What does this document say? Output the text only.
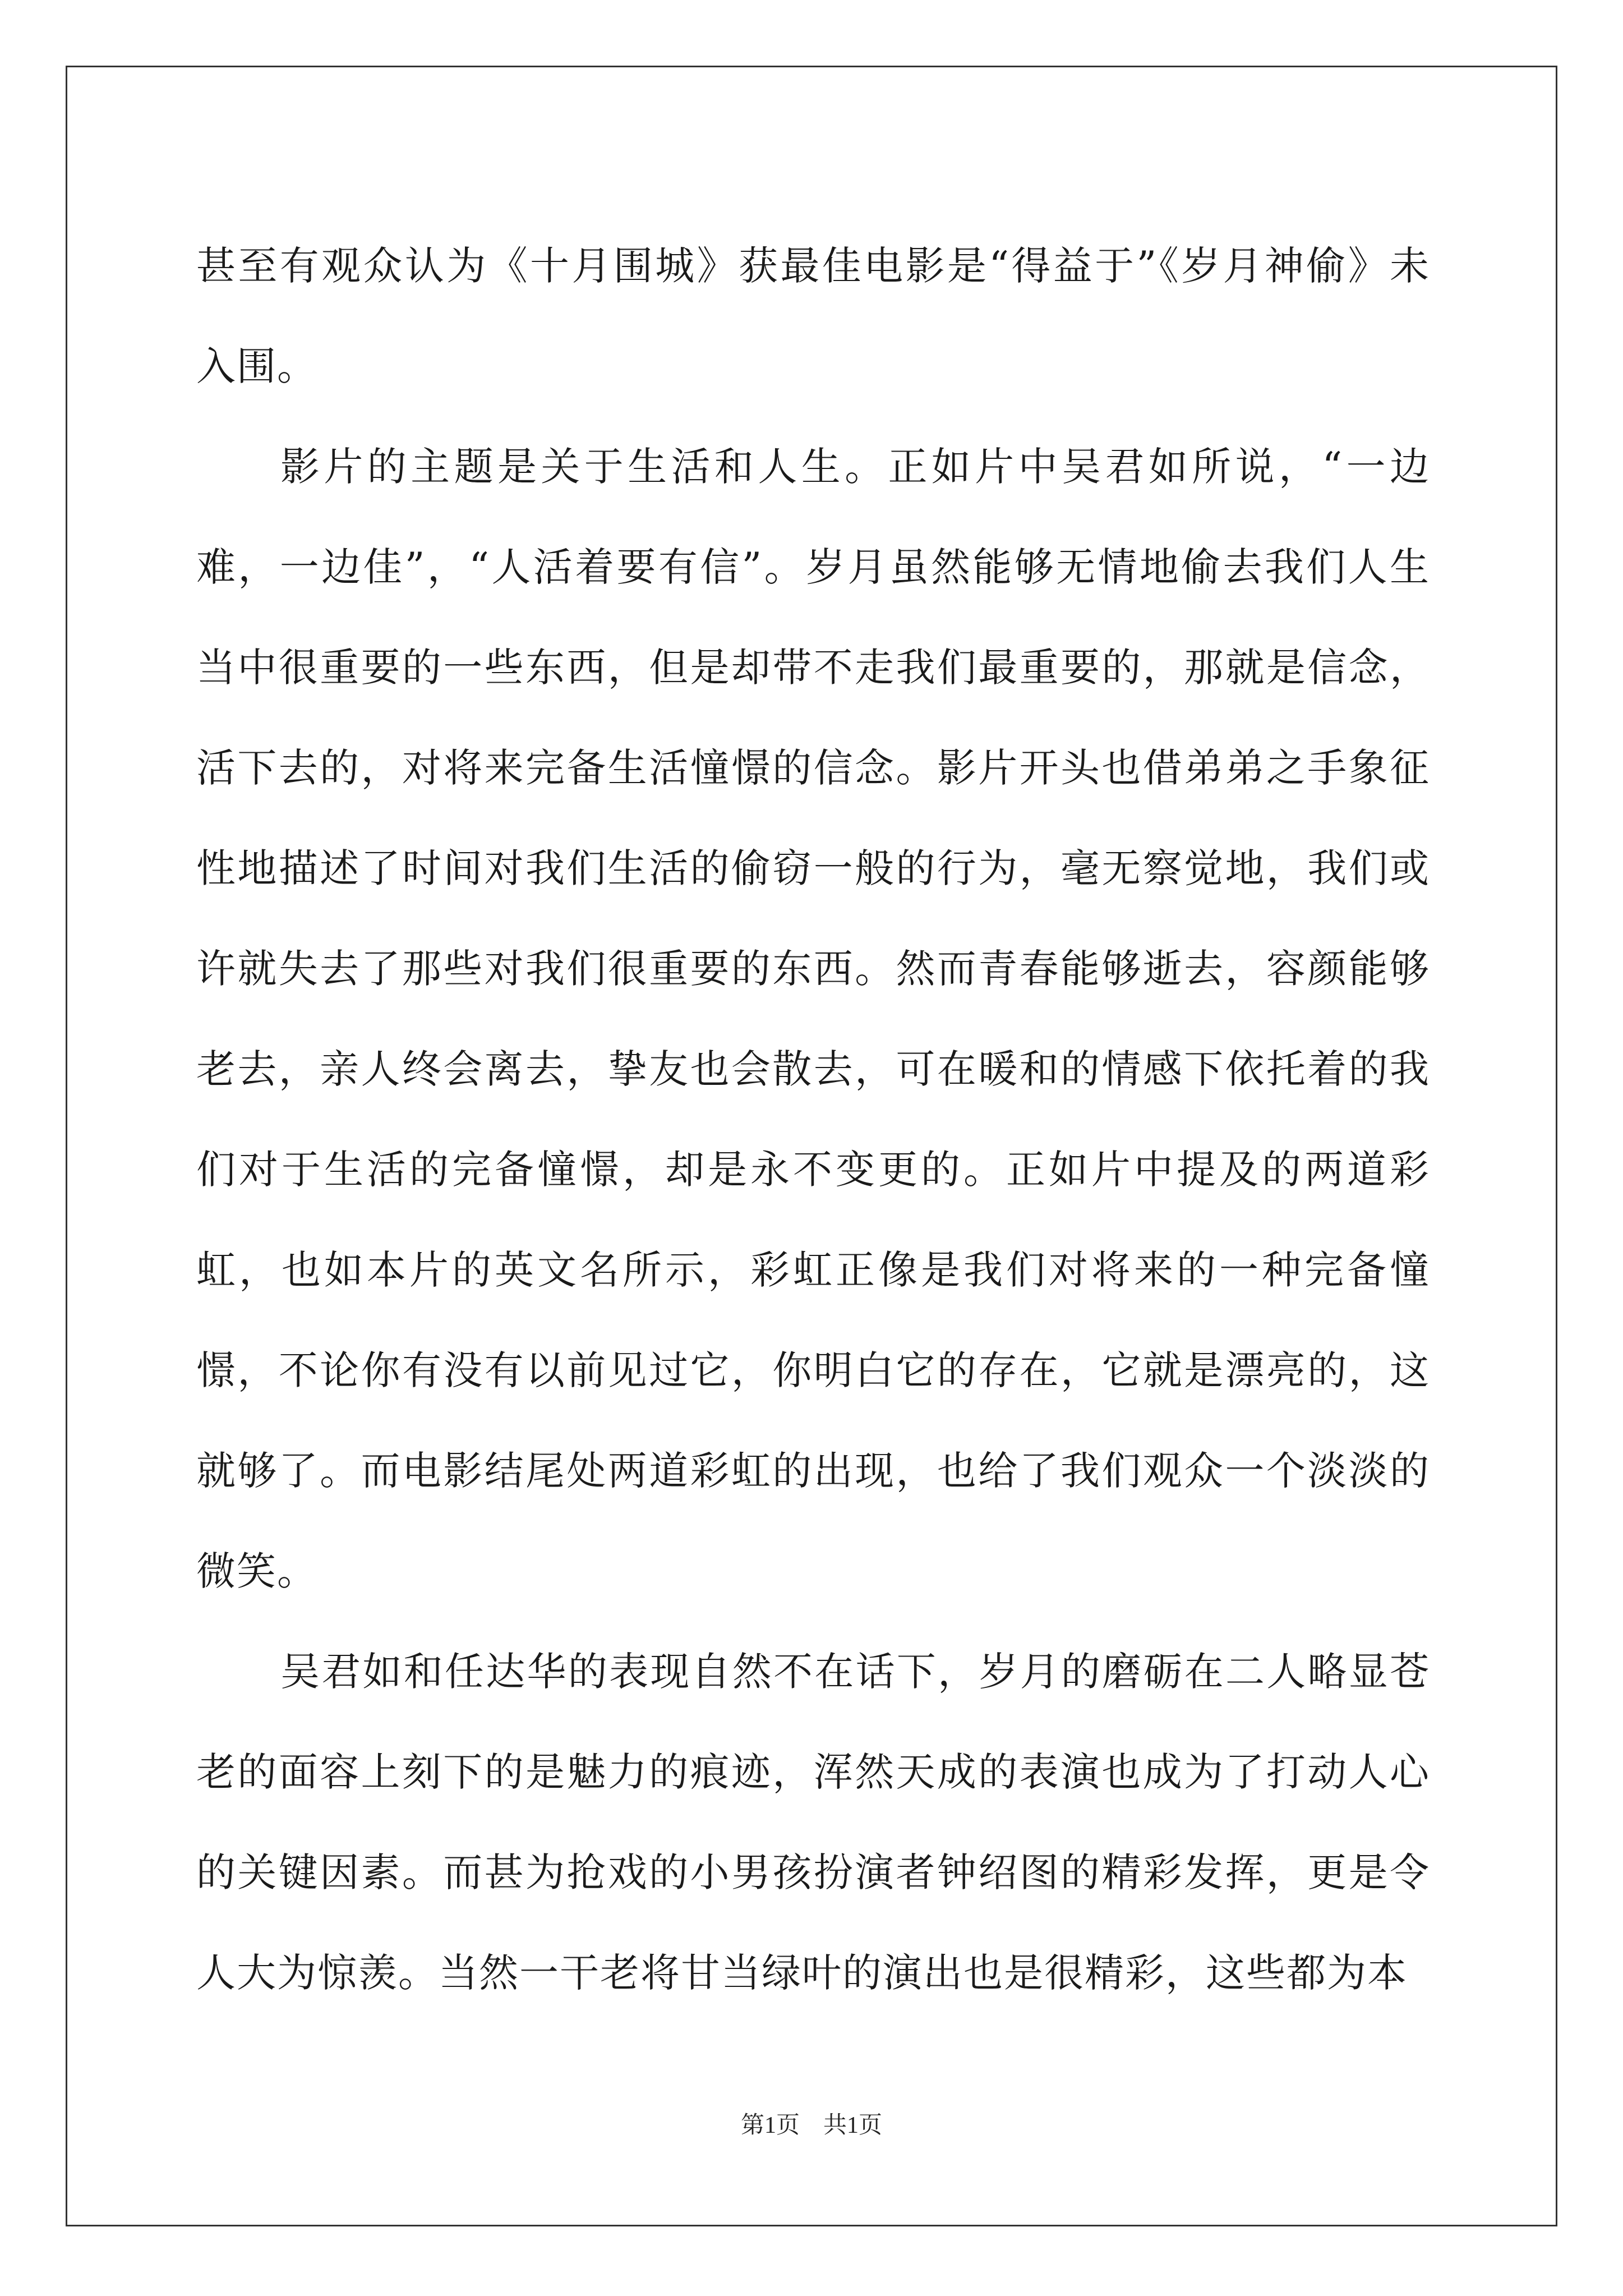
甚至有观众认为《十月围城》获最佳电影是“得益于”《岁月神偷》未入围。

影片的主题是关于生活和人生。正如片中吴君如所说，“一边难，一边佳”，“人活着要有信”。岁月虽然能够无情地偷去我们人生当中很重要的一些东西，但是却带不走我们最重要的，那就是信念，活下去的，对将来完备生活憧憬的信念。影片开头也借弟弟之手象征性地描述了时间对我们生活的偷窃一般的行为，毫无察觉地，我们或许就失去了那些对我们很重要的东西。然而青春能够逝去，容颜能够老去，亲人终会离去，挚友也会散去，可在暖和的情感下依托着的我们对于生活的完备憧憬，却是永不变更的。正如片中提及的两道彩虹，也如本片的英文名所示，彩虹正像是我们对将来的一种完备憧憬，不论你有没有以前见过它，你明白它的存在，它就是漂亮的，这就够了。而电影结尾处两道彩虹的出现，也给了我们观众一个淡淡的微笑。

吴君如和任达华的表现自然不在话下，岁月的磨砺在二人略显苍老的面容上刻下的是魅力的痕迹，浑然天成的表演也成为了打动人心的关键因素。而甚为抢戏的小男孩扮演者钟绍图的精彩发挥，更是令人大为惊羡。当然一干老将甘当绿叶的演出也是很精彩，这些都为本

第1页 共1页
